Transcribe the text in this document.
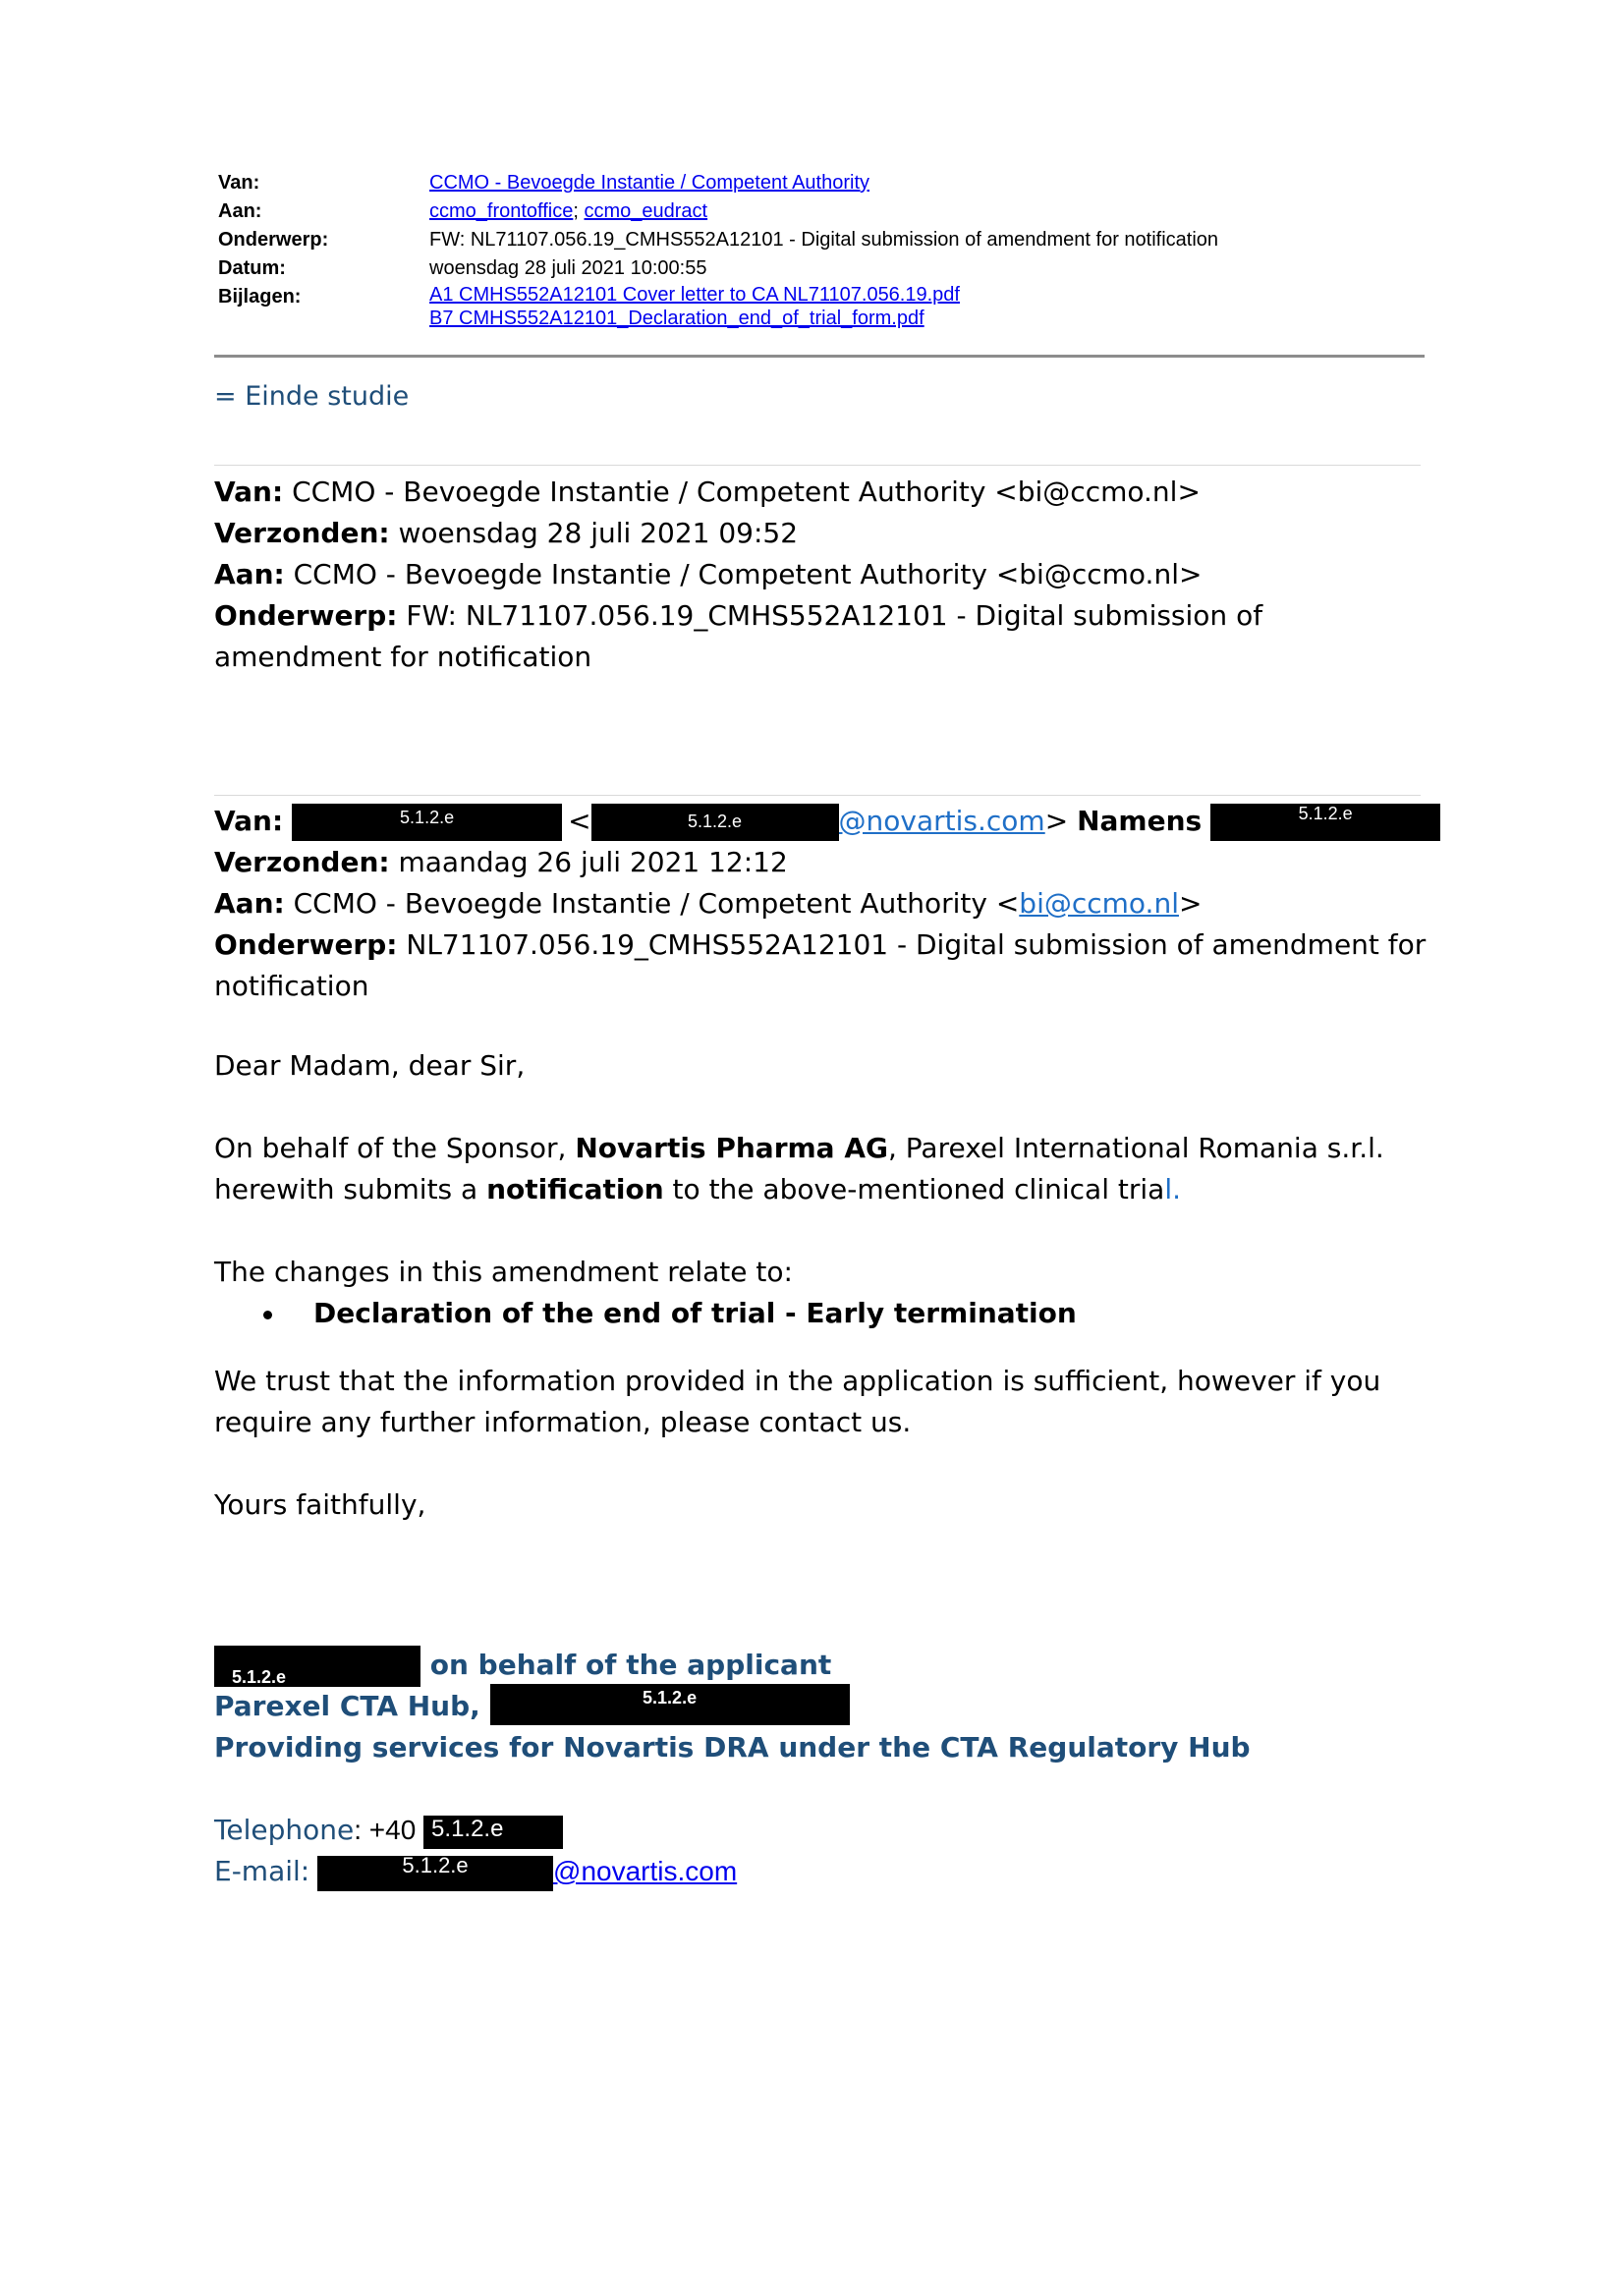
Van:	CCMO - Bevoegde Instantie / Competent Authority
Aan:	ccmo_frontoffice; ccmo_eudract
Onderwerp:	FW: NL71107.056.19_CMHS552A12101 - Digital submission of amendment for notification
Datum:	woensdag 28 juli 2021 10:00:55
Bijlagen:	A1 CMHS552A12101 Cover letter to CA NL71107.056.19.pdf
B7 CMHS552A12101_Declaration_end_of_trial_form.pdf
= Einde studie

Van: CCMO - Bevoegde Instantie / Competent Authority <bi@ccmo.nl>

Verzonden: woensdag 28 juli 2021 09:52

Aan: CCMO - Bevoegde Instantie / Competent Authority <bi@ccmo.nl>

Onderwerp: FW: NL71107.056.19_CMHS552A12101 - Digital submission of amendment for notification

Van:	5.1.2.e	<	5.1.2.e	@novartis.com> Namens	5.1.2.e

Verzonden: maandag 26 juli 2021 12:12

Aan: CCMO - Bevoegde Instantie / Competent Authority <bi@ccmo.nl>

Onderwerp: NL71107.056.19_CMHS552A12101 - Digital submission of amendment for notification

Dear Madam, dear Sir,

On behalf of the Sponsor, Novartis Pharma AG, Parexel International Romania s.r.l. herewith submits a notification to the above-mentioned clinical trial.

The changes in this amendment relate to:

Declaration of the end of trial - Early termination

We trust that the information provided in the application is sufficient, however if you require any further information, please contact us.

Yours faithfully,

5.1.2.e	on behalf of the applicant
Parexel CTA Hub,	5.1.2.e
Providing services for Novartis DRA under the CTA Regulatory Hub
Telephone: +40 5.1.2.e
E-mail:	5.1.2.e	@novartis.com
